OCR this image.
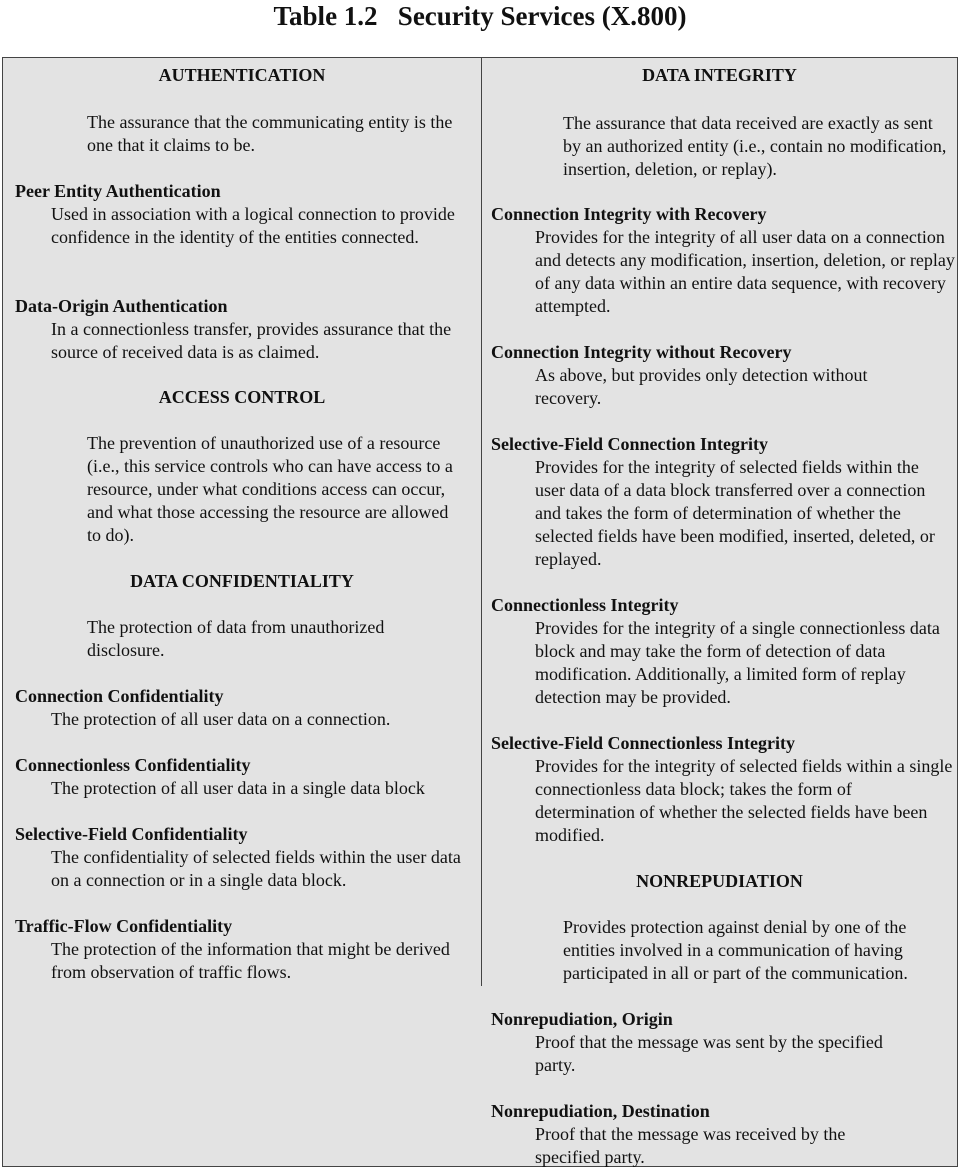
Table 1.2   Security Services (X.800)
AUTHENTICATION
The assurance that the communicating entity is the one that it claims to be.
Peer Entity Authentication
Used in association with a logical connection to provide confidence in the identity of the entities connected.
Data-Origin Authentication
In a connectionless transfer, provides assurance that the source of received data is as claimed.
ACCESS CONTROL
The prevention of unauthorized use of a resource (i.e., this service controls who can have access to a resource, under what conditions access can occur, and what those accessing the resource are allowed to do).
DATA CONFIDENTIALITY
The protection of data from unauthorized disclosure.
Connection Confidentiality
The protection of all user data on a connection.
Connectionless Confidentiality
The protection of all user data in a single data block
Selective-Field Confidentiality
The confidentiality of selected fields within the user data on a connection or in a single data block.
Traffic-Flow Confidentiality
The protection of the information that might be derived from observation of traffic flows.
DATA INTEGRITY
The assurance that data received are exactly as sent by an authorized entity (i.e., contain no modification, insertion, deletion, or replay).
Connection Integrity with Recovery
Provides for the integrity of all user data on a connection and detects any modification, insertion, deletion, or replay of any data within an entire data sequence, with recovery attempted.
Connection Integrity without Recovery
As above, but provides only detection without recovery.
Selective-Field Connection Integrity
Provides for the integrity of selected fields within the user data of a data block transferred over a connection and takes the form of determination of whether the selected fields have been modified, inserted, deleted, or replayed.
Connectionless Integrity
Provides for the integrity of a single connectionless data block and may take the form of detection of data modification. Additionally, a limited form of replay detection may be provided.
Selective-Field Connectionless Integrity
Provides for the integrity of selected fields within a single connectionless data block; takes the form of determination of whether the selected fields have been modified.
NONREPUDIATION
Provides protection against denial by one of the entities involved in a communication of having participated in all or part of the communication.
Nonrepudiation, Origin
Proof that the message was sent by the specified party.
Nonrepudiation, Destination
Proof that the message was received by the specified party.
